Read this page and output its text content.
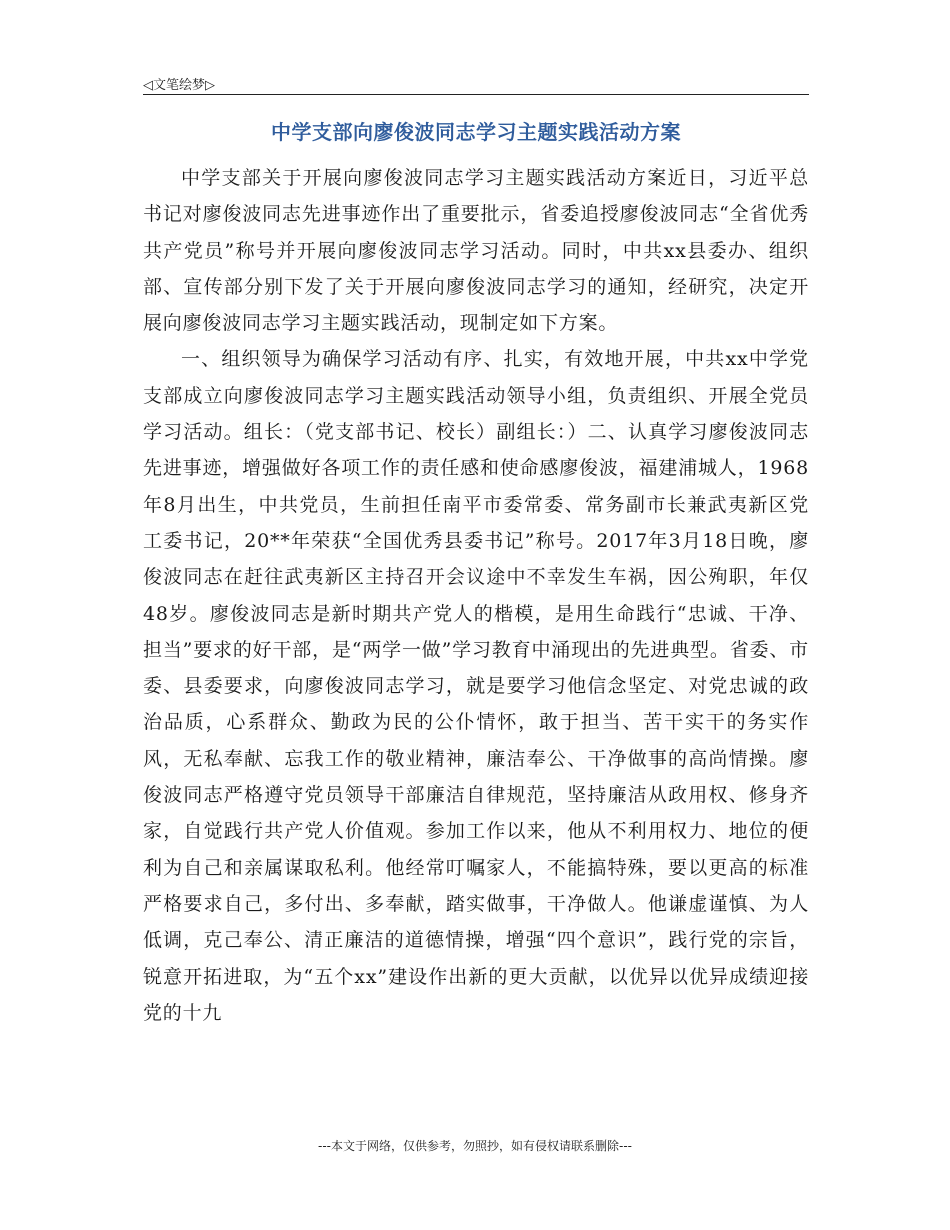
◁文笔绘梦▷
中学支部向廖俊波同志学习主题实践活动方案

中学支部关于开展向廖俊波同志学习主题实践活动方案近日，习近平总书记对廖俊波同志先进事迹作出了重要批示，省委追授廖俊波同志“全省优秀共产党员”称号并开展向廖俊波同志学习活动。同时，中共xx县委办、组织部、宣传部分别下发了关于开展向廖俊波同志学习的通知，经研究，决定开展向廖俊波同志学习主题实践活动，现制定如下方案。

一、组织领导为确保学习活动有序、扎实，有效地开展，中共xx中学党支部成立向廖俊波同志学习主题实践活动领导小组，负责组织、开展全党员学习活动。组长：（党支部书记、校长）副组长：）二、认真学习廖俊波同志先进事迹，增强做好各项工作的责任感和使命感廖俊波，福建浦城人，1968年8月出生，中共党员，生前担任南平市委常委、常务副市长兼武夷新区党工委书记，20**年荣获“全国优秀县委书记”称号。2017年3月18日晚，廖俊波同志在赶往武夷新区主持召开会议途中不幸发生车祸，因公殉职，年仅48岁。廖俊波同志是新时期共产党人的楷模，是用生命践行“忠诚、干净、担当”要求的好干部，是“两学一做”学习教育中涌现出的先进典型。省委、市委、县委要求，向廖俊波同志学习，就是要学习他信念坚定、对党忠诚的政治品质，心系群众、勤政为民的公仆情怀，敢于担当、苦干实干的务实作风，无私奉献、忘我工作的敬业精神，廉洁奉公、干净做事的高尚情操。廖俊波同志严格遵守党员领导干部廉洁自律规范，坚持廉洁从政用权、修身齐家，自觉践行共产党人价值观。参加工作以来，他从不利用权力、地位的便利为自己和亲属谋取私利。他经常叮嘱家人，不能搞特殊，要以更高的标准严格要求自己，多付出、多奉献，踏实做事，干净做人。他谦虚谨慎、为人低调，克己奉公、清正廉洁的道德情操，增强“四个意识”，践行党的宗旨，锐意开拓进取，为“五个xx”建设作出新的更大贡献，以优异以优异成绩迎接党的十九

---本文于网络，仅供参考，勿照抄，如有侵权请联系删除---
